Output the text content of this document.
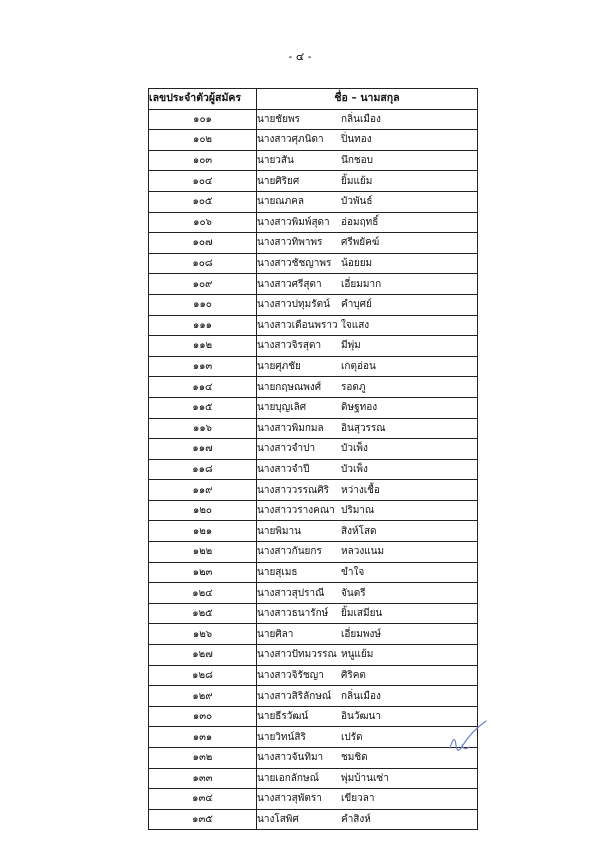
- ๔ -
เลขประจำตัวผู้สมัคร	ชื่อ – นามสกุล
๑๐๑	นายชัยพร กลิ่นเมือง
๑๐๒	นางสาวศุภนิดา ปิ่นทอง
๑๐๓	นายวสัน นึกชอบ
๑๐๔	นายศิริยศ ยิ้มแย้ม
๑๐๕	นายณภคล บัวพันธ์
๑๐๖	นางสาวพิมพ์สุดา อ่อมฤทธิ์
๑๐๗	นางสาวทิพาพร ศรีพยัคฆ์
๑๐๘	นางสาวชัชญาพร น้อยยม
๑๐๙	นางสาวศรีสุดา เอี่ยมมาก
๑๑๐	นางสาวปทุมรัตน์ คำบุศย์
๑๑๑	นางสาวเดือนพราว ใจแสง
๑๑๒	นางสาวจิรสุดา มีพุ่ม
๑๑๓	นายศุภชัย เกตุอ่อน
๑๑๔	นายกฤษณพงศ์ รอดภู
๑๑๕	นายบุญเลิศ ดิษฐทอง
๑๑๖	นางสาวพิมกมล อินสุวรรณ
๑๑๗	นางสาวจำปา บัวเพ็ง
๑๑๘	นางสาวจำปี บัวเพ็ง
๑๑๙	นางสาววรรณศิริ หว่างเชื้อ
๑๒๐	นางสาววรางคณา ปริมาณ
๑๒๑	นายพิมาน สิงห์โสด
๑๒๒	นางสาวกันยกร หลวงแนม
๑๒๓	นายสุเมธ ขำใจ
๑๒๔	นางสาวสุปราณี จันตรี
๑๒๕	นางสาวธนารักษ์ ยิ้มเสมียน
๑๒๖	นายศิลา เอี่ยมพงษ์
๑๒๗	นางสาวปัทมวรรณ หนูแย้ม
๑๒๘	นางสาวจิรัชญา ศิริคต
๑๒๙	นางสาวสิริลักษณ์ กลิ่นเมือง
๑๓๐	นายธีรวัฒน์ อินวัฒนา
๑๓๑	นายวิทน์สิริ เปรัด
๑๓๒	นางสาวจันทิมา ชมชิด
๑๓๓	นายเอกลักษณ์ พุ่มบ้านเซ่า
๑๓๔	นางสาวสุพัตรา เขียวลา
๑๓๕	นางโสพิศ คำสิงห์
